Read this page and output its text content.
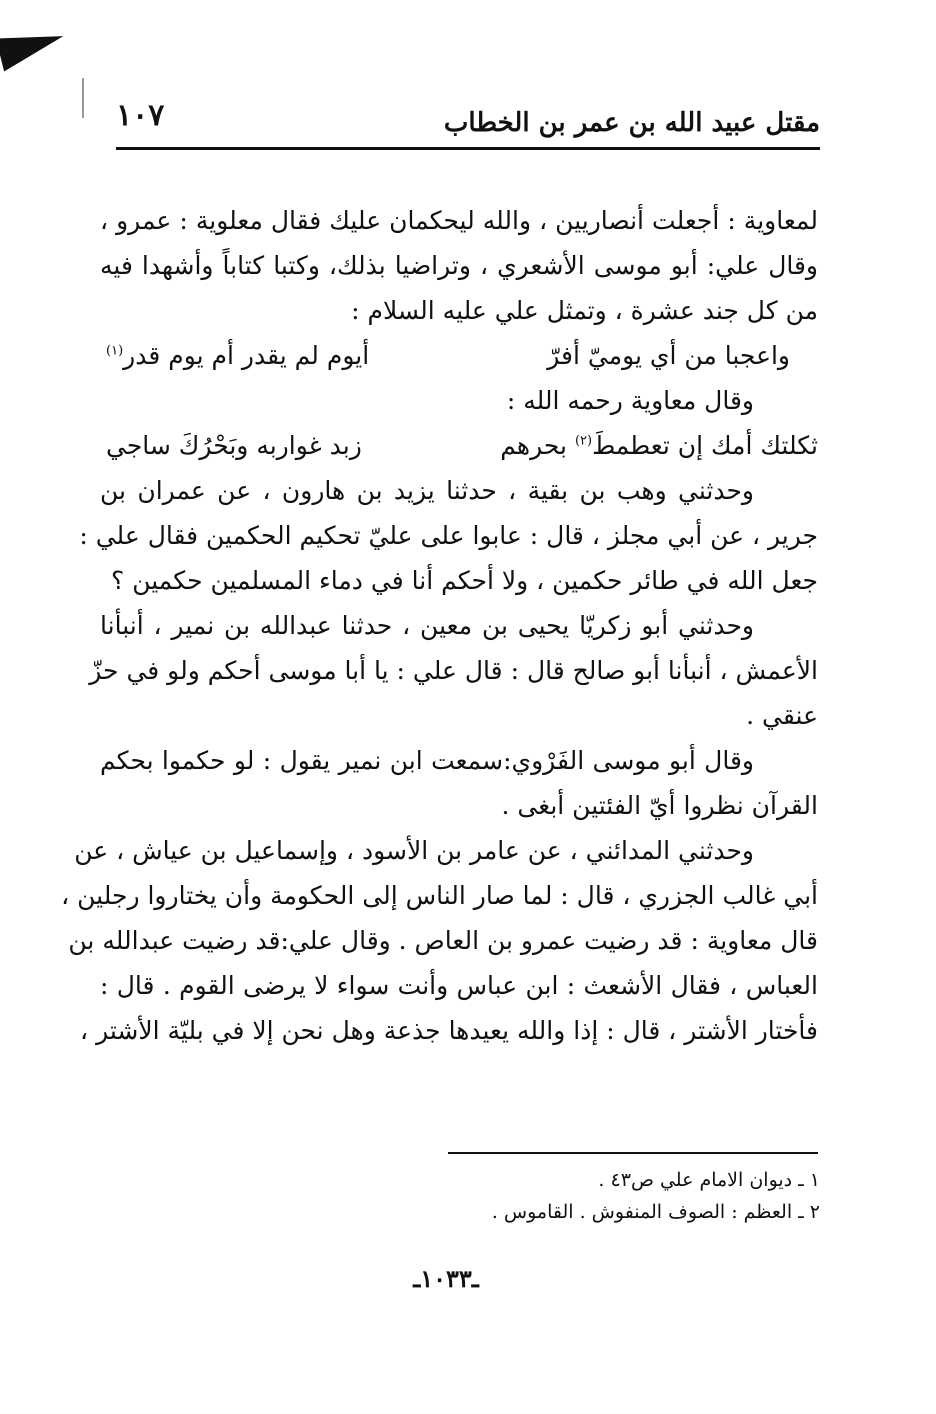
مقتل عبيد الله بن عمر بن الخطاب
١٠٧
لمعاوية : أجعلت أنصاريين ، والله ليحكمان عليك فقال معلوية : عمرو ،
وقال علي: أبو موسى الأشعري ، وتراضيا بذلك، وكتبا كتاباً وأشهدا فيه
من كل جند عشرة ، وتمثل علي عليه السلام :
واعجبا من أي يوميّ أفرّ
أيوم لم يقدر أم يوم قدر$^{(١)}$
وقال معاوية رحمه الله :
ثكلتك أمك إن تعطمطَ$^{(٢)}$ بحرهم
زبد غواربه وبَحْرُكَ ساجي
وحدثني وهب بن بقية ، حدثنا يزيد بن هارون ، عن عمران بن
جرير ، عن أبي مجلز ، قال : عابوا على عليّ تحكيم الحكمين فقال علي :
جعل الله في طائر حكمين ، ولا أحكم أنا في دماء المسلمين حكمين ؟
وحدثني أبو زكريّا يحيى بن معين ، حدثنا عبدالله بن نمير ، أنبأنا
الأعمش ، أنبأنا أبو صالح قال : قال علي : يا أبا موسى أحكم ولو في حزّ
عنقي .
وقال أبو موسى الفَرْوي:سمعت ابن نمير يقول : لو حكموا بحكم
القرآن نظروا أيّ الفئتين أبغى .
وحدثني المدائني ، عن عامر بن الأسود ، وإسماعيل بن عياش ، عن
أبي غالب الجزري ، قال : لما صار الناس إلى الحكومة وأن يختاروا رجلين ،
قال معاوية : قد رضيت عمرو بن العاص . وقال علي:قد رضيت عبدالله بن
العباس ، فقال الأشعث : ابن عباس وأنت سواء لا يرضى القوم . قال :
فأختار الأشتر ، قال : إذا والله يعيدها جذعة وهل نحن إلا في بليّة الأشتر ،
١ ـ ديوان الامام علي ص٤٣ .
٢ ـ العظم : الصوف المنفوش . القاموس .
ـ١٠٣٣ـ
